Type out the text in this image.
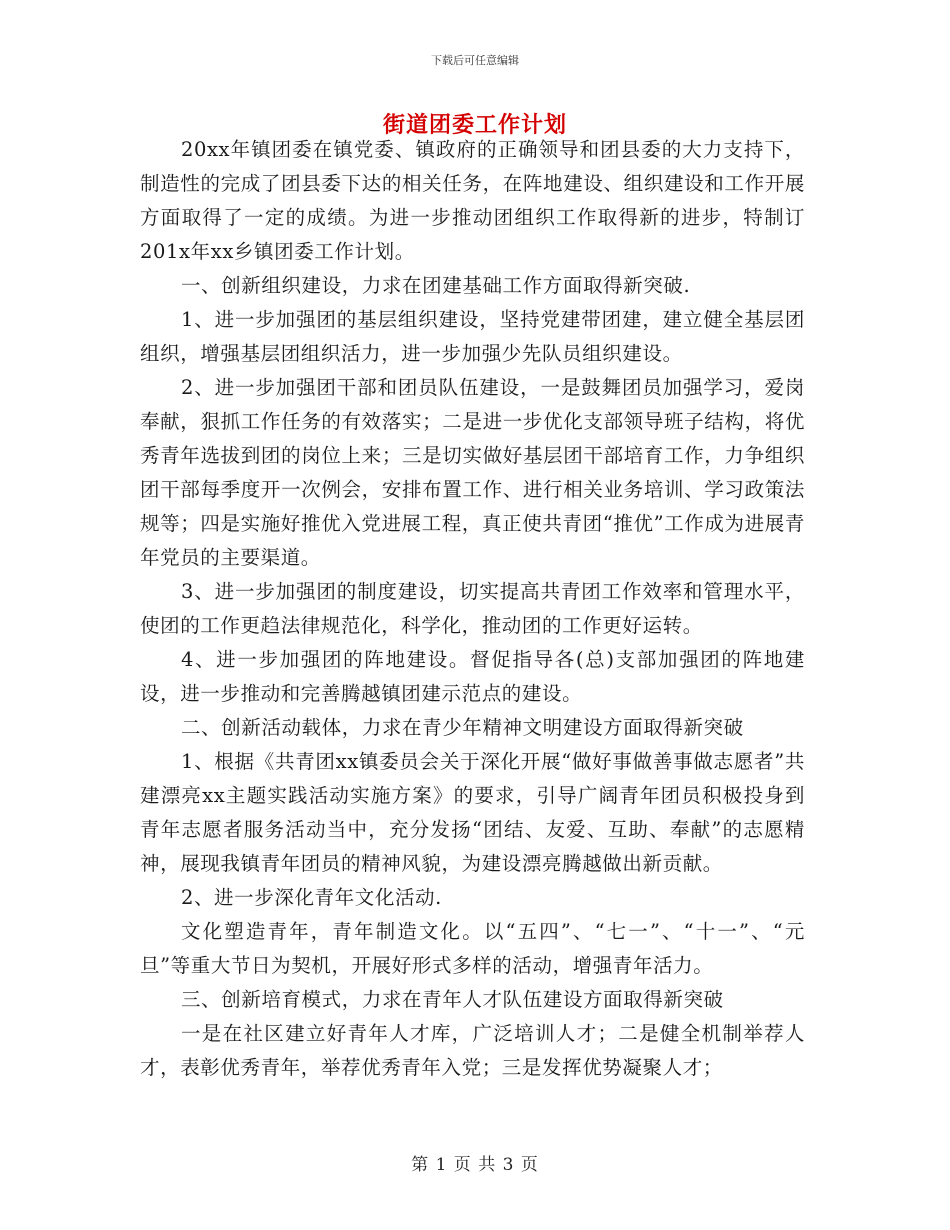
下载后可任意编辑
街道团委工作计划

20xx年镇团委在镇党委、镇政府的正确领导和团县委的大力支持下，制造性的完成了团县委下达的相关任务，在阵地建设、组织建设和工作开展方面取得了一定的成绩。为进一步推动团组织工作取得新的进步，特制订201x年xx乡镇团委工作计划。

一、创新组织建设，力求在团建基础工作方面取得新突破.

1、进一步加强团的基层组织建设，坚持党建带团建，建立健全基层团组织，增强基层团组织活力，进一步加强少先队员组织建设。

2、进一步加强团干部和团员队伍建设，一是鼓舞团员加强学习，爱岗奉献，狠抓工作任务的有效落实；二是进一步优化支部领导班子结构，将优秀青年选拔到团的岗位上来；三是切实做好基层团干部培育工作，力争组织团干部每季度开一次例会，安排布置工作、进行相关业务培训、学习政策法规等；四是实施好推优入党进展工程，真正使共青团“推优”工作成为进展青年党员的主要渠道。

3、进一步加强团的制度建设，切实提高共青团工作效率和管理水平，使团的工作更趋法律规范化，科学化，推动团的工作更好运转。

4、进一步加强团的阵地建设。督促指导各(总)支部加强团的阵地建设，进一步推动和完善腾越镇团建示范点的建设。

二、创新活动载体，力求在青少年精神文明建设方面取得新突破

1、根据《共青团xx镇委员会关于深化开展“做好事做善事做志愿者”共建漂亮xx主题实践活动实施方案》的要求，引导广阔青年团员积极投身到青年志愿者服务活动当中，充分发扬“团结、友爱、互助、奉献”的志愿精神，展现我镇青年团员的精神风貌，为建设漂亮腾越做出新贡献。

2、进一步深化青年文化活动.

文化塑造青年，青年制造文化。以“五四”、“七一”、“十一”、“元旦”等重大节日为契机，开展好形式多样的活动，增强青年活力。

三、创新培育模式，力求在青年人才队伍建设方面取得新突破

一是在社区建立好青年人才库，广泛培训人才；二是健全机制举荐人才，表彰优秀青年，举荐优秀青年入党；三是发挥优势凝聚人才；

第 1 页 共 3 页
